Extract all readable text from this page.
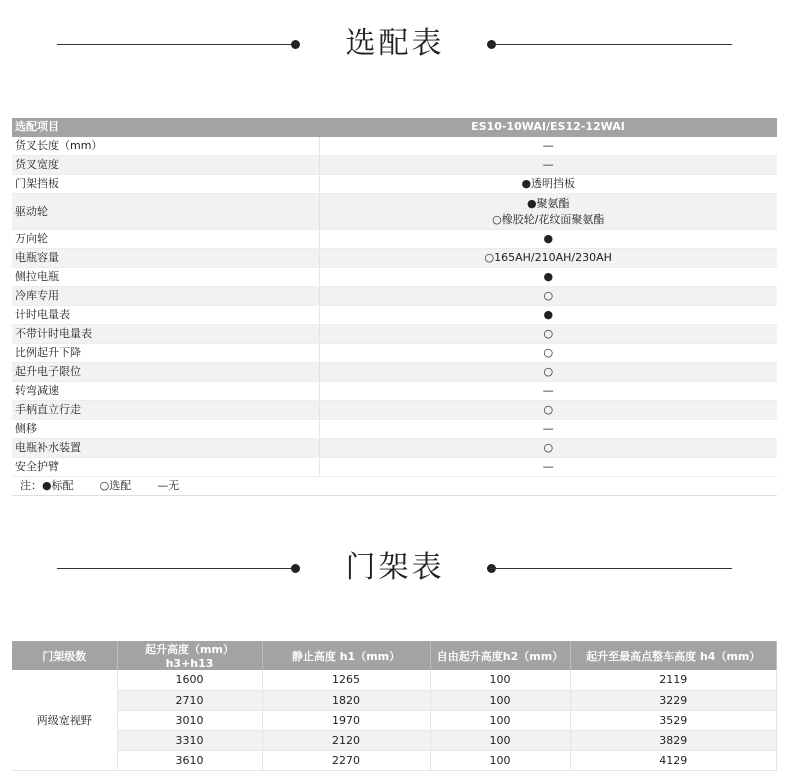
选配表
选配项目	ES10-10WAI/ES12-12WAI
货叉长度（mm）	—
货叉宽度	—
门架挡板	●透明挡板
驱动轮	●聚氨酯
○橡胶轮/花纹面聚氨酯

万向轮	●
电瓶容量	○165AH/210AH/230AH
侧拉电瓶	●
冷库专用	○
计时电量表	●
不带计时电量表	○
比例起升下降	○
起升电子限位	○
转弯减速	—
手柄直立行走	○
侧移	—
电瓶补水装置	○
安全护臂	—
注：●标配 ○选配 —无	
门架表
门架级数	起升高度（mm）h3+h13	静止高度 h1（mm）	自由起升高度h2（mm）	起升至最高点整车高度 h4（mm）
两级宽视野	1600	1265	100	2119
	2710	1820	100	3229
	3010	1970	100	3529
	3310	2120	100	3829
	3610	2270	100	4129
